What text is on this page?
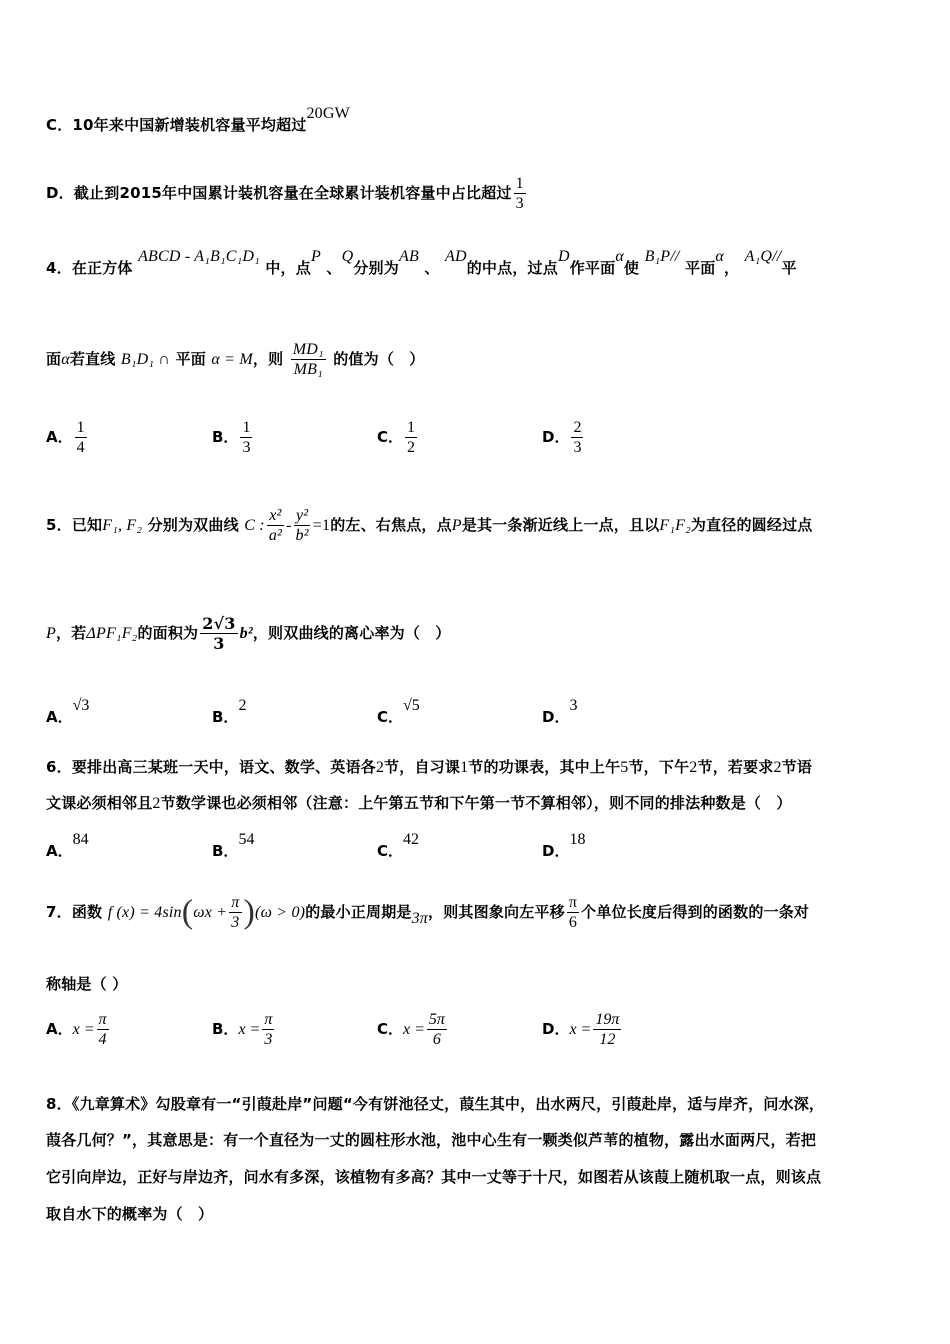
C．10年来中国新增装机容量平均超过20GW
D．截止到2015年中国累计装机容量在全球累计装机容量中占比超过 $\frac{1}{3}$
4．在正方体 ABCD - A₁B₁C₁D₁ 中，点P 、Q分别为AB 、 AD的中点，过点D作平面α使 B₁P// 平面α， A₁Q//平
面α若直线 B₁D₁ ∩ 平面 α = M，则 $\frac{\text{MD₁}}{\text{MB₁}}$ 的值为（　）
A． $\frac{1}{4}$	B． $\frac{1}{3}$	C． $\frac{1}{2}$	D． $\frac{2}{3}$
5．已知F₁, F₂ 分别为双曲线 C : $\frac{\text{x²}}{\text{a²}} - \frac{\text{y²}}{\text{b²}} =1$的左、右焦点，点P是其一条渐近线上一点，且以F₁F₂为直径的圆经过点
P，若ΔPF₁F₂的面积为 $\frac{2√3}{3} b^2$，则双曲线的离心率为（　）
A．√3
B．2
C．√5
D．3
6．要排出高三某班一天中，语文、数学、英语各2节，自习课1节的功课表，其中上午5节，下午2节，若要求2节语
文课必须相邻且2节数学课也必须相邻（注意：上午第五节和下午第一节不算相邻），则不同的排法种数是（　）
A．84
B．54
C．42
D．18
7．函数 f $(x) = 4\sin(\omega x + \frac{\pi}{3} )(\omega > 0)$的最小正周期是3π，则其图象向左平移 $\frac{\pi}{6}$ 个单位长度后得到的函数的一条对
称轴是（ ）
A．$x = \frac{\pi}{4}$	B．$x = \frac{\pi}{3}$	C．$x = \frac{5\pi}{6}$	D．$x = \frac{19\pi}{12}$
8．《九章算术》勾股章有一“引葭赴岸”问题“今有饼池径丈，葭生其中，出水两尺，引葭赴岸，适与岸齐，问水深，
葭各几何？”，其意思是：有一个直径为一丈的圆柱形水池，池中心生有一颗类似芦苇的植物，露出水面两尺，若把
它引向岸边，正好与岸边齐，问水有多深，该植物有多高？其中一丈等于十尺，如图若从该葭上随机取一点，则该点
取自水下的概率为（　）
